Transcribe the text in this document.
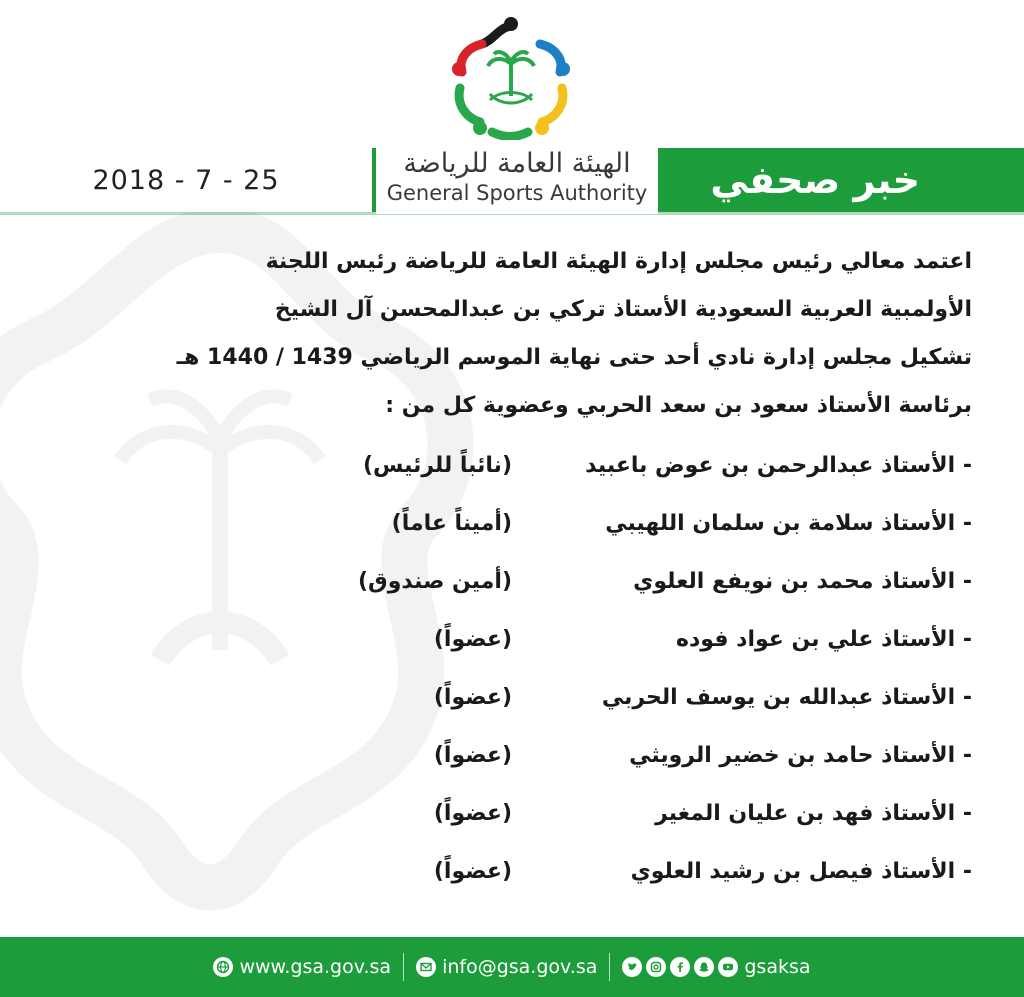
2018 - 7 - 25
الهيئة العامة للرياضة
General Sports Authority خبر صحفي

اعتمد معالي رئيس مجلس إدارة الهيئة العامة للرياضة رئيس اللجنة

الأولمبية العربية السعودية الأستاذ تركي بن عبدالمحسن آل الشيخ

تشكيل مجلس إدارة نادي أحد حتى نهاية الموسم الرياضي 1439 / 1440 هـ

برئاسة الأستاذ سعود بن سعد الحربي وعضوية كل من :

- الأستاذ عبدالرحمن بن عوض باعبيد
(نائباً للرئيس)
- الأستاذ سلامة بن سلمان اللهيبي
(أميناً عاماً)
- الأستاذ محمد بن نويفع العلوي
(أمين صندوق)
- الأستاذ علي بن عواد فوده
(عضواً)
- الأستاذ عبدالله بن يوسف الحربي
(عضواً)
- الأستاذ حامد بن خضير الرويثي
(عضواً)
- الأستاذ فهد بن عليان المغير
(عضواً)
- الأستاذ فيصل بن رشيد العلوي
(عضواً)
www.gsa.gov.sa	info@gsa.gov.sa	gsaksa
